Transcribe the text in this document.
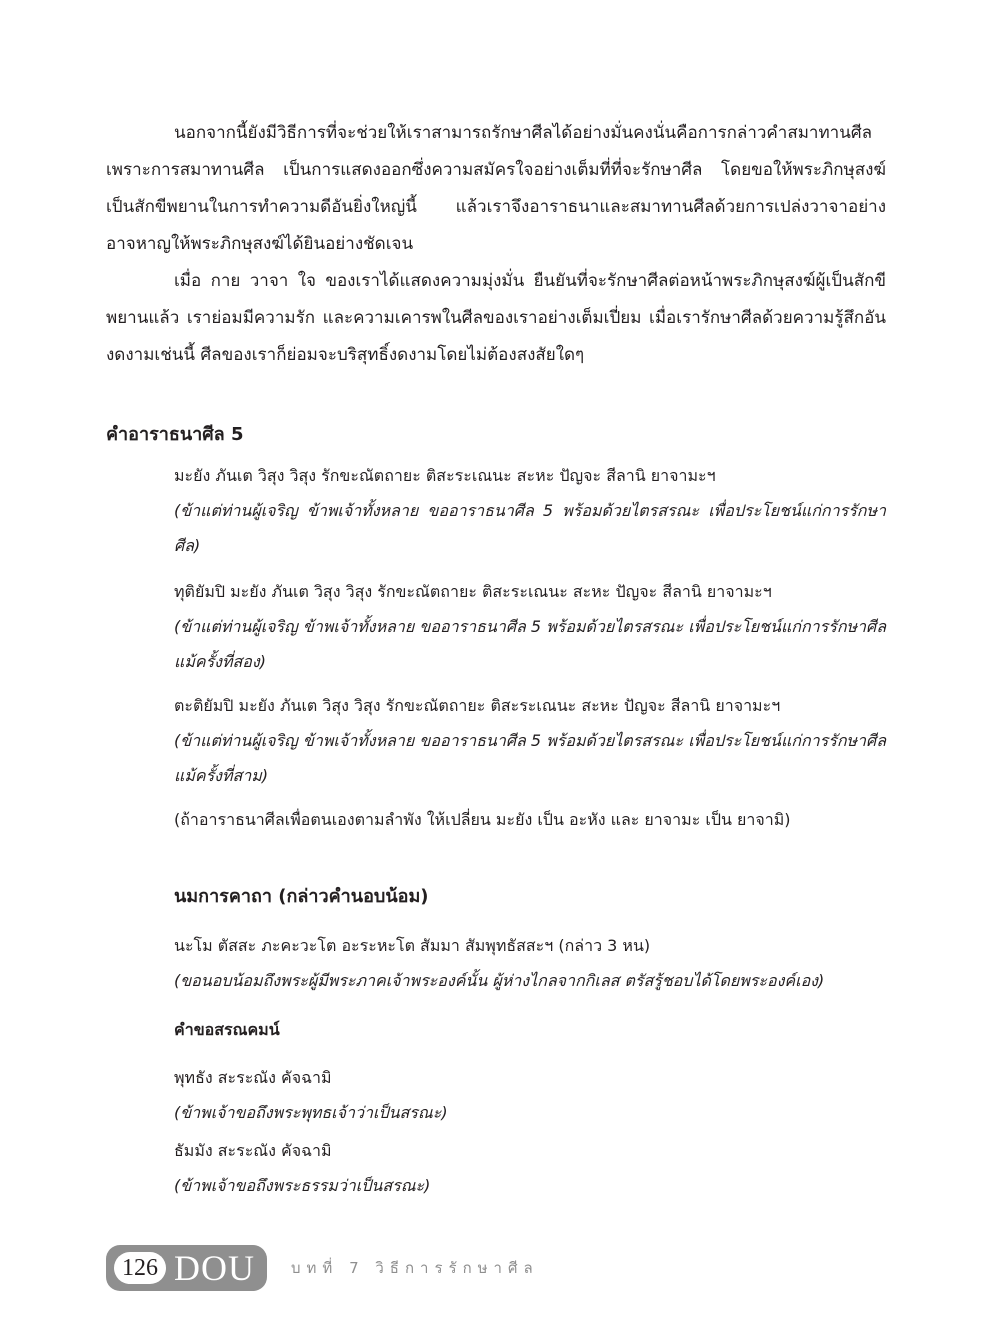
นอกจากนี้ยังมีวิธีการที่จะช่วยให้เราสามารถรักษาศีลได้อย่างมั่นคงนั่นคือการกล่าวคำสมาทานศีล เพราะการสมาทานศีล เป็นการแสดงออกซึ่งความสมัครใจอย่างเต็มที่ที่จะรักษาศีล โดยขอให้พระภิกษุสงฆ์เป็นสักขีพยานในการทำความดีอันยิ่งใหญ่นี้ แล้วเราจึงอาราธนาและสมาทานศีลด้วยการเปล่งวาจาอย่างอาจหาญให้พระภิกษุสงฆ์ได้ยินอย่างชัดเจน

เมื่อ กาย วาจา ใจ ของเราได้แสดงความมุ่งมั่น ยืนยันที่จะรักษาศีลต่อหน้าพระภิกษุสงฆ์ผู้เป็นสักขีพยานแล้ว เราย่อมมีความรัก และความเคารพในศีลของเราอย่างเต็มเปี่ยม เมื่อเรารักษาศีลด้วยความรู้สึกอันงดงามเช่นนี้ ศีลของเราก็ย่อมจะบริสุทธิ์งดงามโดยไม่ต้องสงสัยใดๆ

คำอาราธนาศีล 5

มะยัง ภันเต วิสุง วิสุง รักขะณัตถายะ ติสะระเณนะ สะหะ ปัญจะ สีลานิ ยาจามะฯ

(ข้าแต่ท่านผู้เจริญ ข้าพเจ้าทั้งหลาย ขออาราธนาศีล 5 พร้อมด้วยไตรสรณะ เพื่อประโยชน์แก่การรักษาศีล)

ทุติยัมปิ มะยัง ภันเต วิสุง วิสุง รักขะณัตถายะ ติสะระเณนะ สะหะ ปัญจะ สีลานิ ยาจามะฯ

(ข้าแต่ท่านผู้เจริญ ข้าพเจ้าทั้งหลาย ขออาราธนาศีล 5 พร้อมด้วยไตรสรณะ เพื่อประโยชน์แก่การรักษาศีล แม้ครั้งที่สอง)

ตะติยัมปิ มะยัง ภันเต วิสุง วิสุง รักขะณัตถายะ ติสะระเณนะ สะหะ ปัญจะ สีลานิ ยาจามะฯ

(ข้าแต่ท่านผู้เจริญ ข้าพเจ้าทั้งหลาย ขออาราธนาศีล 5 พร้อมด้วยไตรสรณะ เพื่อประโยชน์แก่การรักษาศีล แม้ครั้งที่สาม)

(ถ้าอาราธนาศีลเพื่อตนเองตามลำพัง ให้เปลี่ยน มะยัง เป็น อะหัง และ ยาจามะ เป็น ยาจามิ)

นมการคาถา (กล่าวคำนอบน้อม)

นะโม ตัสสะ ภะคะวะโต อะระหะโต สัมมา สัมพุทธัสสะฯ (กล่าว 3 หน)

(ขอนอบน้อมถึงพระผู้มีพระภาคเจ้าพระองค์นั้น ผู้ห่างไกลจากกิเลส ตรัสรู้ชอบได้โดยพระองค์เอง)

คำขอสรณคมน์

พุทธัง สะระณัง คัจฉามิ

(ข้าพเจ้าขอถึงพระพุทธเจ้าว่าเป็นสรณะ)

ธัมมัง สะระณัง คัจฉามิ

(ข้าพเจ้าขอถึงพระธรรมว่าเป็นสรณะ)

126 DOU บทที่ 7 วิธีการรักษาศีล
